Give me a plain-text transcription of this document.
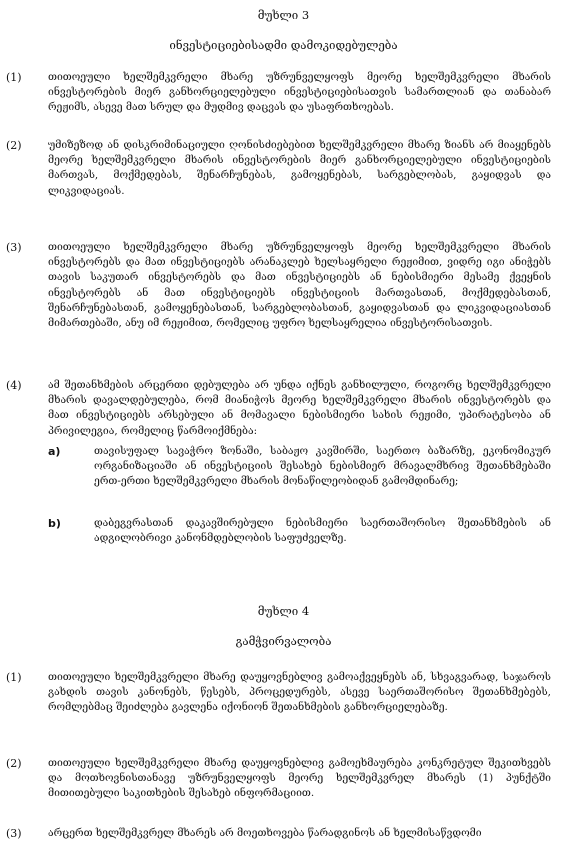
მუხლი 3
ინვესტიციებისადმი დამოკიდებულება
(1)	თითოეული ხელშემკვრელი მხარე უზრუნველყოფს მეორე ხელშემკვრელი მხარის ინვესტორების მიერ განხორციელებული ინვესტიციებისათვის სამართლიან და თანაბარ რეჟიმს, ასევე მათ სრულ და მუდმივ დაცვას და უსაფრთხოებას.
(2)	უმიზეზოდ ან დისკრიმინაციული ღონისძიებებით ხელშემკვრელი მხარე ზიანს არ მიაყენებს მეორე ხელშემკვრელი მხარის ინვესტორების მიერ განხორციელებული ინვესტიციების მართვას, მოქმედებას, შენარჩუნებას, გამოყენებას, სარგებლობას, გაყიდვას და ლიკვიდაციას.
(3)	თითოეული ხელშემკვრელი მხარე უზრუნველყოფს მეორე ხელშემკვრელი მხარის ინვესტორებს და მათ ინვესტიციებს არანაკლებ ხელსაყრელი რეჟიმით, ვიდრე იგი ანიჭებს თავის საკუთარ ინვესტორებს და მათ ინვესტიციებს ან ნებისმიერი მესამე ქვეყნის ინვესტორებს ან მათ ინვესტიციებს ინვესტიციის მართვასთან, მოქმედებასთან, შენარჩუნებასთან, გამოყენებასთან, სარგებლობასთან, გაყიდვასთან და ლიკვიდაციასთან მიმართებაში, ანუ იმ რეჟიმით, რომელიც უფრო ხელსაყრელია ინვესტორისათვის.
(4)	ამ შეთანხმების არცერთი დებულება არ უნდა იქნეს განხილული, როგორც ხელშემკვრელი მხარის დავალდებულება, რომ მიანიჭოს მეორე ხელშემკვრელი მხარის ინვესტორებს და მათ ინვესტიციებს არსებული ან მომავალი ნებისმიერი სახის რეჟიმი, უპირატესობა ან პრივილეგია, რომელიც წარმოიქმნება:
a)	თავისუფალ სავაჭრო ზონაში, საბაჟო კავშირში, საერთო ბაზარზე, ეკონომიკურ ორგანიზაციაში ან ინვესტიციის შესახებ ნებისმიერ მრავალმხრივ შეთანხმებაში ერთ-ერთი ხელშემკვრელი მხარის მონაწილეობიდან გამომდინარე;
b)	დაბეგვრასთან დაკავშირებული ნებისმიერი საერთაშორისო შეთანხმების ან ადგილობრივი კანონმდებლობის საფუძველზე.
მუხლი 4
გამჭვირვალობა
(1)	თითოეული ხელშემკვრელი მხარე დაუყოვნებლივ გამოაქვეყნებს ან, სხვაგვარად, საჯაროს გახდის თავის კანონებს, წესებს, პროცედურებს, ასევე საერთაშორისო შეთანხმებებს, რომლებმაც შეიძლება გავლენა იქონიონ შეთანხმების განხორციელებაზე.
(2)	თითოეული ხელშემკვრელი მხარე დაუყოვნებლივ გამოეხმაურება კონკრეტულ შეკითხვებს და მოთხოვნისთანავე უზრუნველყოფს მეორე ხელშემკვრელ მხარეს (1) პუნქტში მითითებული საკითხების შესახებ ინფორმაციით.
(3)	არცერთ ხელშემკვრელ მხარეს არ მოეთხოვება წარადგინოს ან ხელმისაწვდომი
